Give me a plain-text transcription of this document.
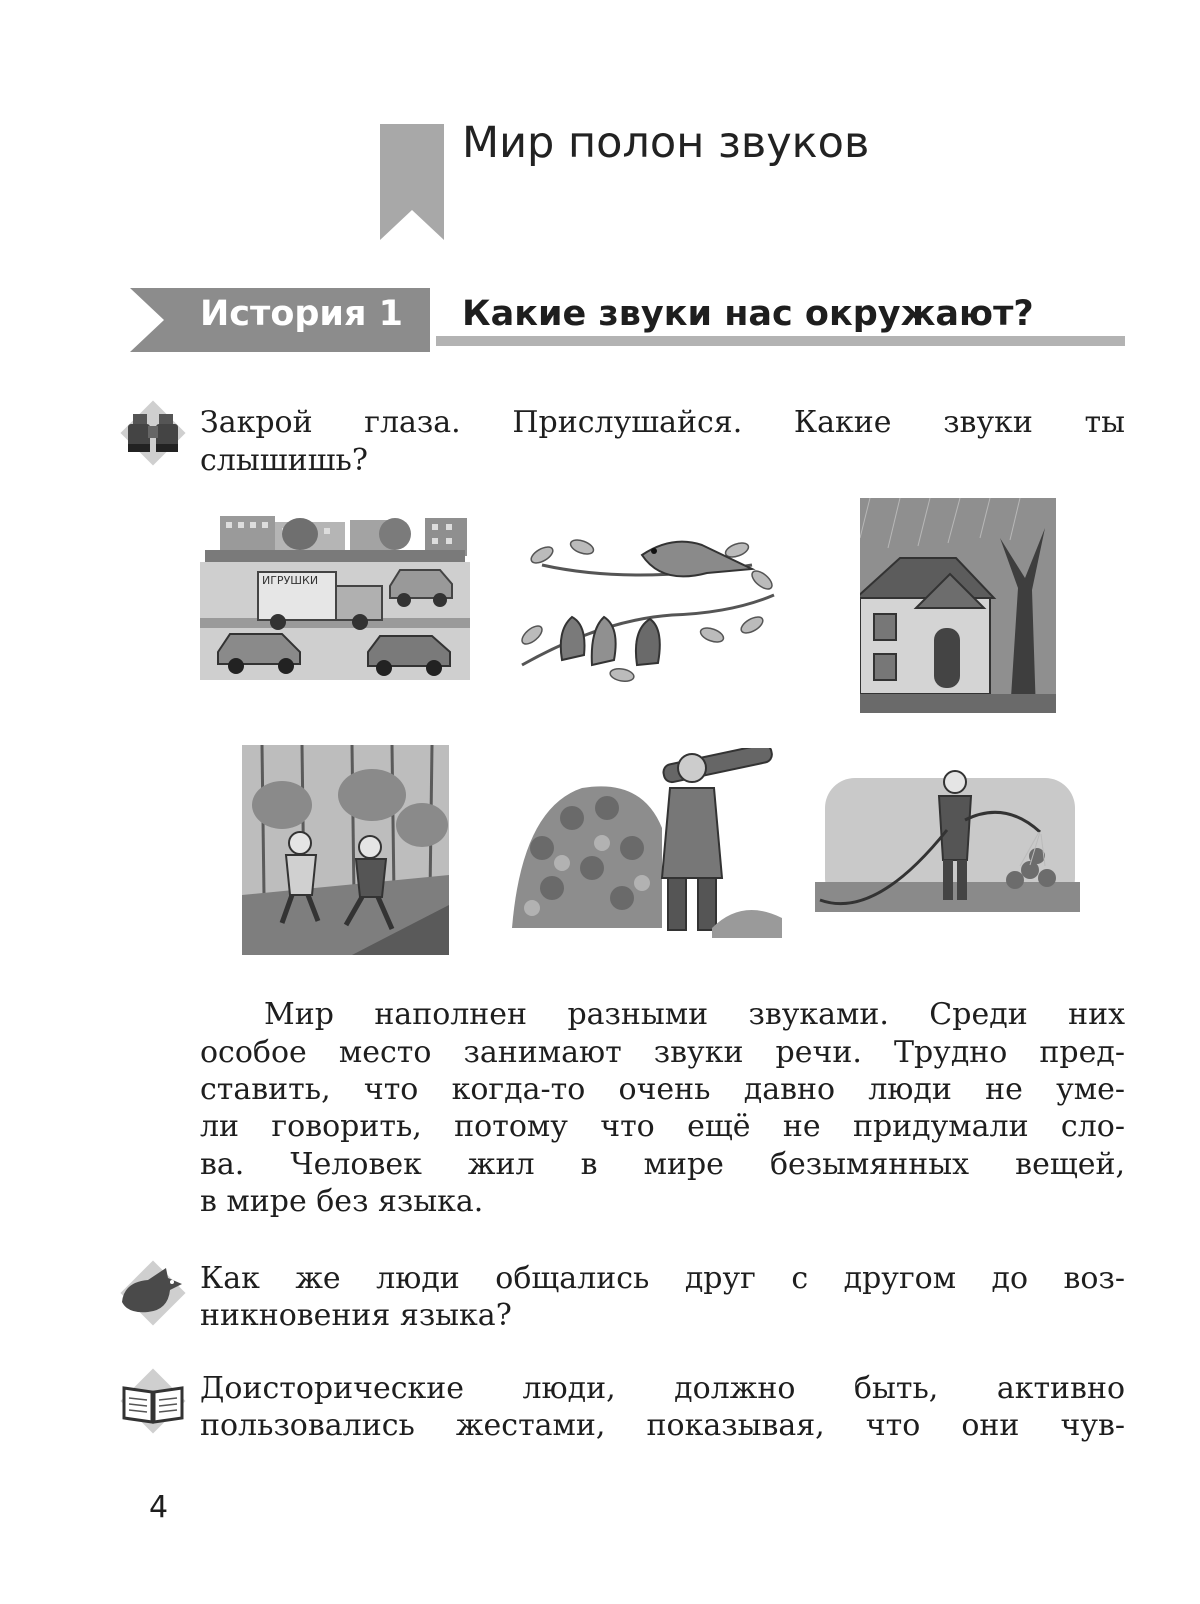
Мир полон звуков
История 1 Какие звуки нас окружают?
Закрой глаза. Прислушайся. Какие звуки ты
слышишь?
ИГРУШКИ
Мир наполнен разными звуками. Среди них
особое место занимают звуки речи. Трудно пред-
ставить, что когда-то очень давно люди не уме-
ли говорить, потому что ещё не придумали сло-
ва. Человек жил в мире безымянных вещей,
в мире без языка.
Как же люди общались друг с другом до воз-
никновения языка?
Доисторические люди, должно быть, активно
пользовались жестами, показывая, что они чув-
4
